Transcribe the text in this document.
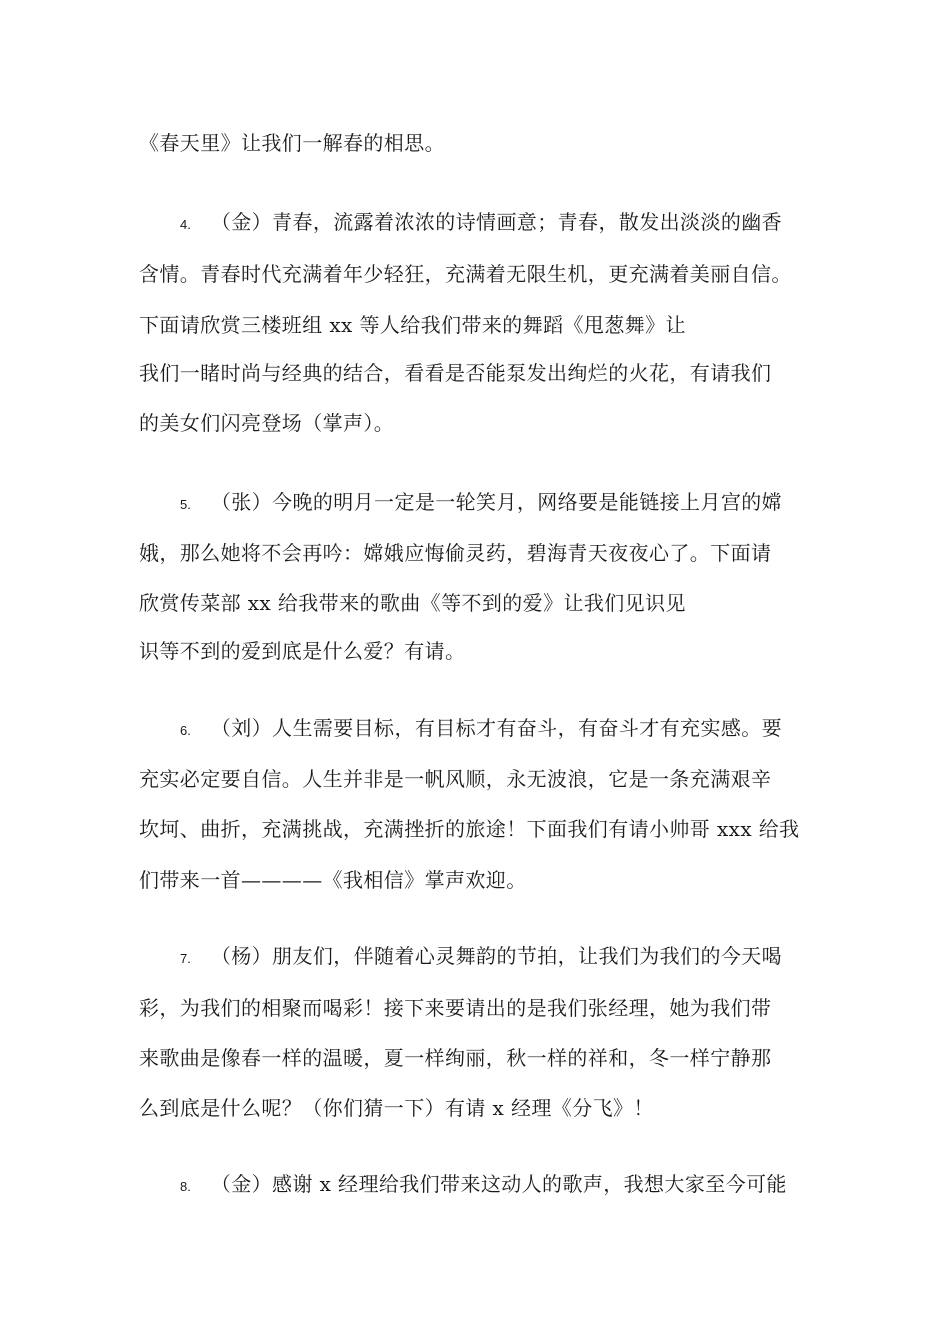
《春天里》让我们一解春的相思。
4. （金）青春，流露着浓浓的诗情画意；青春，散发出淡淡的幽香
含情。青春时代充满着年少轻狂，充满着无限生机，更充满着美丽自信。
下面请欣赏三楼班组 xx 等人给我们带来的舞蹈《甩葱舞》让
我们一睹时尚与经典的结合，看看是否能泵发出绚烂的火花，有请我们
的美女们闪亮登场（掌声）。
5. （张）今晚的明月一定是一轮笑月，网络要是能链接上月宫的嫦
娥，那么她将不会再吟：嫦娥应悔偷灵药，碧海青天夜夜心了。下面请
欣赏传菜部 xx 给我带来的歌曲《等不到的爱》让我们见识见
识等不到的爱到底是什么爱？有请。
6. （刘）人生需要目标，有目标才有奋斗，有奋斗才有充实感。要
充实必定要自信。人生并非是一帆风顺，永无波浪，它是一条充满艰辛
坎坷、曲折，充满挑战，充满挫折的旅途！下面我们有请小帅哥 xxx 给我
们带来一首————《我相信》掌声欢迎。
7. （杨）朋友们，伴随着心灵舞韵的节拍，让我们为我们的今天喝
彩，为我们的相聚而喝彩！接下来要请出的是我们张经理，她为我们带
来歌曲是像春一样的温暖，夏一样绚丽，秋一样的祥和，冬一样宁静那
么到底是什么呢？（你们猜一下）有请 x 经理《分飞》！
8. （金）感谢 x 经理给我们带来这动人的歌声，我想大家至今可能
